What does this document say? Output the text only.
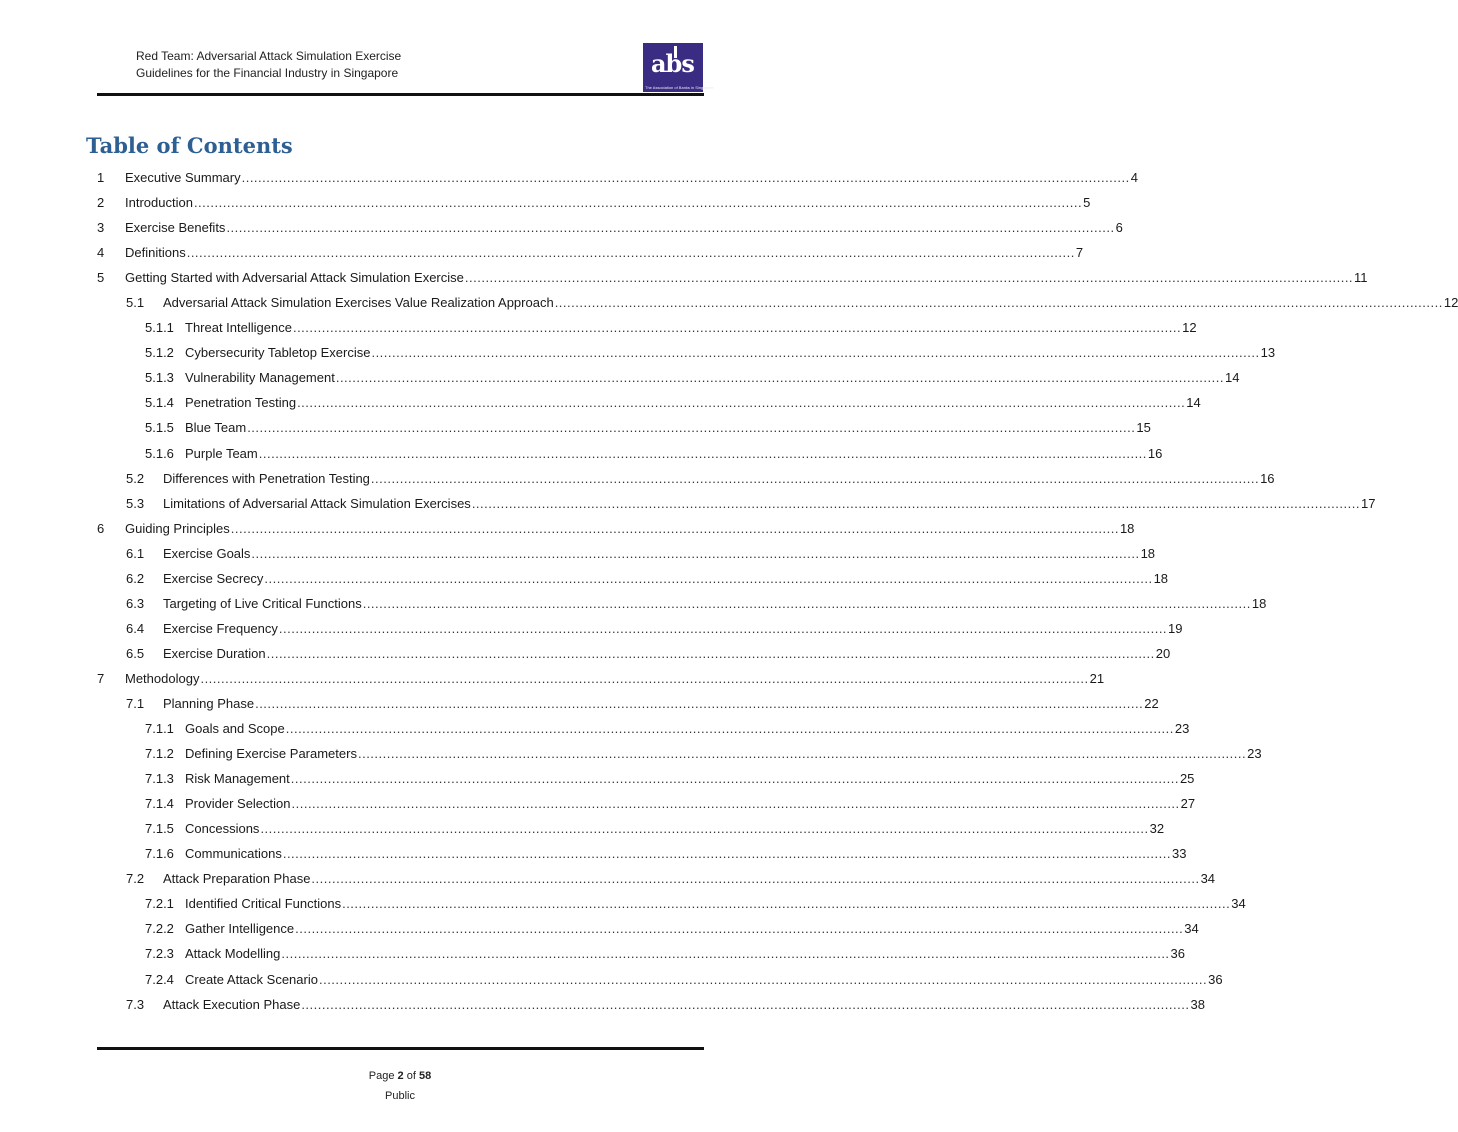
Red Team: Adversarial Attack Simulation Exercise
Guidelines for the Financial Industry in Singapore	abs
The Association of Banks in Singapore
Table of Contents
1 Executive Summary .....	4
2 Introduction .....	5
3 Exercise Benefits .....	6
4 Definitions .....	7
5 Getting Started with Adversarial Attack Simulation Exercise .....	11
5.1 Adversarial Attack Simulation Exercises Value Realization Approach .....	12
5.1.1 Threat Intelligence .....	12
5.1.2 Cybersecurity Tabletop Exercise .....	13
5.1.3 Vulnerability Management .....	14
5.1.4 Penetration Testing .....	14
5.1.5 Blue Team .....	15
5.1.6 Purple Team .....	16
5.2 Differences with Penetration Testing .....	16
5.3 Limitations of Adversarial Attack Simulation Exercises .....	17
6 Guiding Principles .....	18
6.1 Exercise Goals .....	18
6.2 Exercise Secrecy .....	18
6.3 Targeting of Live Critical Functions .....	18
6.4 Exercise Frequency .....	19
6.5 Exercise Duration .....	20
7 Methodology .....	21
7.1 Planning Phase .....	22
7.1.1 Goals and Scope .....	23
7.1.2 Defining Exercise Parameters .....	23
7.1.3 Risk Management .....	25
7.1.4 Provider Selection .....	27
7.1.5 Concessions .....	32
7.1.6 Communications .....	33
7.2 Attack Preparation Phase .....	34
7.2.1 Identified Critical Functions .....	34
7.2.2 Gather Intelligence .....	34
7.2.3 Attack Modelling .....	36
7.2.4 Create Attack Scenario .....	36
7.3 Attack Execution Phase .....	38
Page 2 of 58
Public
